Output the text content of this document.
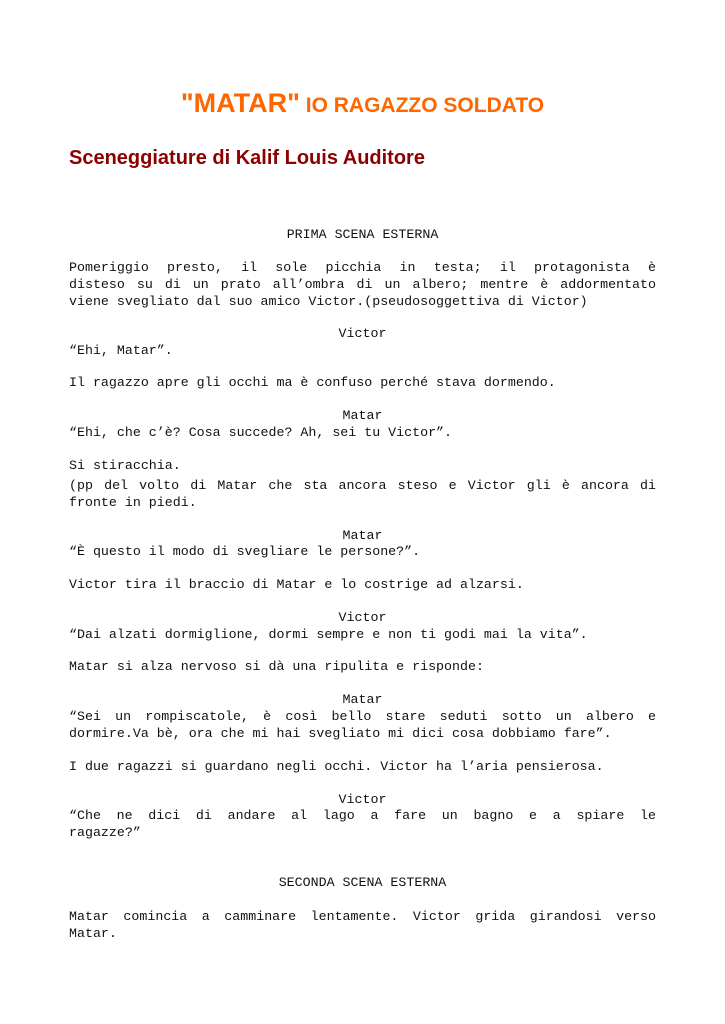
"MATAR" IO RAGAZZO SOLDATO
Sceneggiature di Kalif Louis Auditore
PRIMA SCENA ESTERNA
Pomeriggio presto, il sole picchia in testa; il protagonista è
disteso su di un prato all’ombra di un albero; mentre è addormentato
viene svegliato dal suo amico Victor.(pseudosoggettiva di Victor)
Victor
“Ehi, Matar”.
Il ragazzo apre gli occhi ma è confuso perché stava dormendo.
Matar
“Ehi, che c’è? Cosa succede? Ah, sei tu Victor”.
Si stiracchia.
(pp del volto di Matar che sta ancora steso e Victor gli è ancora di
fronte in piedi.
Matar
“È questo il modo di svegliare le persone?”.
Victor tira il braccio di Matar e lo costrige ad alzarsi.
Victor
“Dai alzati dormiglione, dormi sempre e non ti godi mai la vita”.
Matar si alza nervoso si dà una ripulita e risponde:
Matar
“Sei un rompiscatole, è così bello stare seduti sotto un albero e
dormire.Va bè, ora che mi hai svegliato mi dici cosa dobbiamo fare”.
I due ragazzi si guardano negli occhi. Victor ha l’aria pensierosa.
Victor
“Che ne dici di andare al lago a fare un bagno e a spiare le
ragazze?”
SECONDA SCENA ESTERNA
Matar comincia a camminare lentamente. Victor grida girandosi verso
Matar.
